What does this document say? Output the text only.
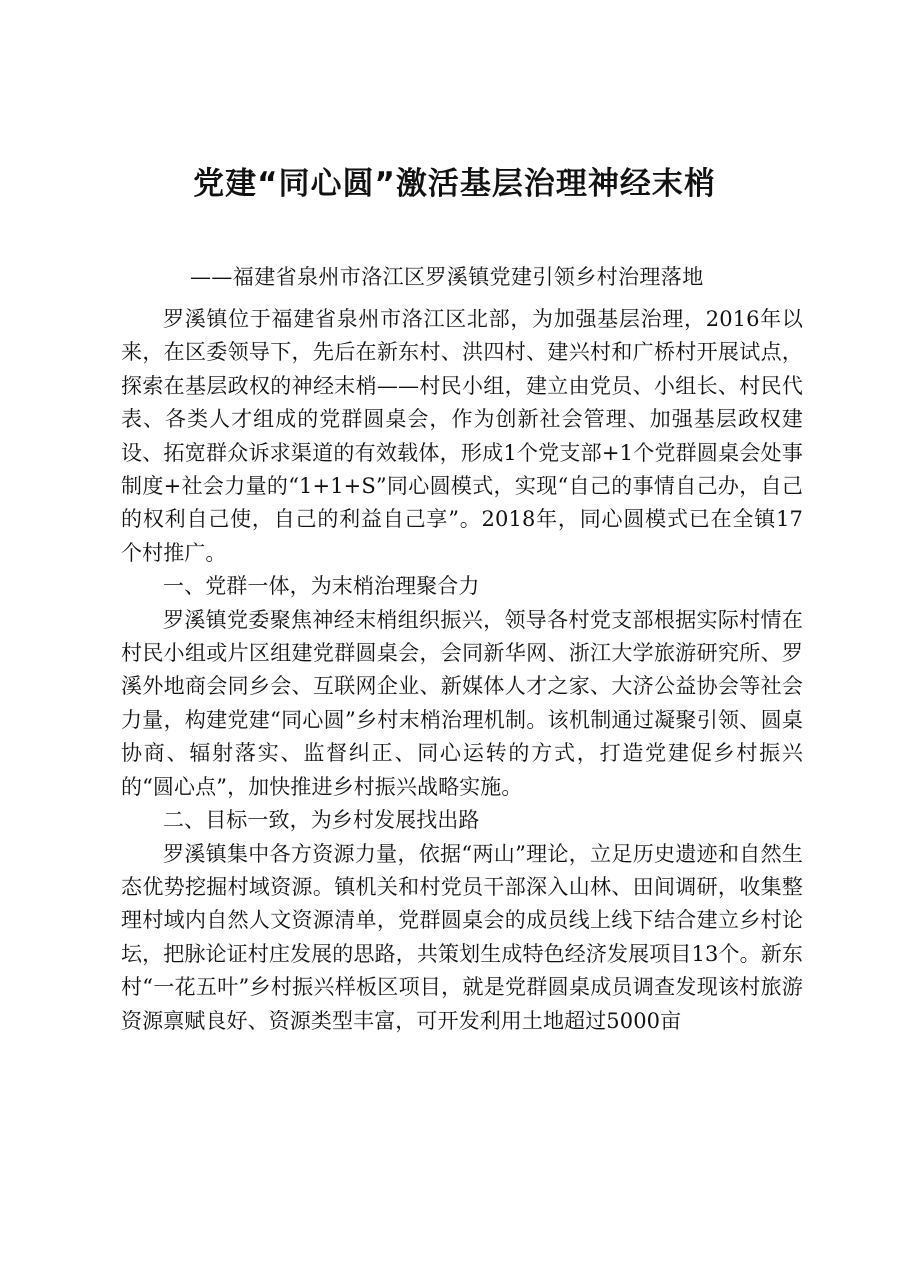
党建“同心圆”激活基层治理神经末梢
——福建省泉州市洛江区罗溪镇党建引领乡村治理落地

罗溪镇位于福建省泉州市洛江区北部，为加强基层治理，2016年以来，在区委领导下，先后在新东村、洪四村、建兴村和广桥村开展试点，探索在基层政权的神经末梢——村民小组，建立由党员、小组长、村民代表、各类人才组成的党群圆桌会，作为创新社会管理、加强基层政权建设、拓宽群众诉求渠道的有效载体，形成1个党支部+1个党群圆桌会处事制度+社会力量的“1+1+S”同心圆模式，实现“自己的事情自己办，自己的权利自己使，自己的利益自己享”。2018年，同心圆模式已在全镇17个村推广。

一、党群一体，为末梢治理聚合力

罗溪镇党委聚焦神经末梢组织振兴，领导各村党支部根据实际村情在村民小组或片区组建党群圆桌会，会同新华网、浙江大学旅游研究所、罗溪外地商会同乡会、互联网企业、新媒体人才之家、大济公益协会等社会力量，构建党建“同心圆”乡村末梢治理机制。该机制通过凝聚引领、圆桌协商、辐射落实、监督纠正、同心运转的方式，打造党建促乡村振兴的“圆心点”，加快推进乡村振兴战略实施。

二、目标一致，为乡村发展找出路

罗溪镇集中各方资源力量，依据“两山”理论，立足历史遗迹和自然生态优势挖掘村域资源。镇机关和村党员干部深入山林、田间调研，收集整理村域内自然人文资源清单，党群圆桌会的成员线上线下结合建立乡村论坛，把脉论证村庄发展的思路，共策划生成特色经济发展项目13个。新东村“一花五叶”乡村振兴样板区项目，就是党群圆桌成员调查发现该村旅游资源禀赋良好、资源类型丰富，可开发利用土地超过5000亩
